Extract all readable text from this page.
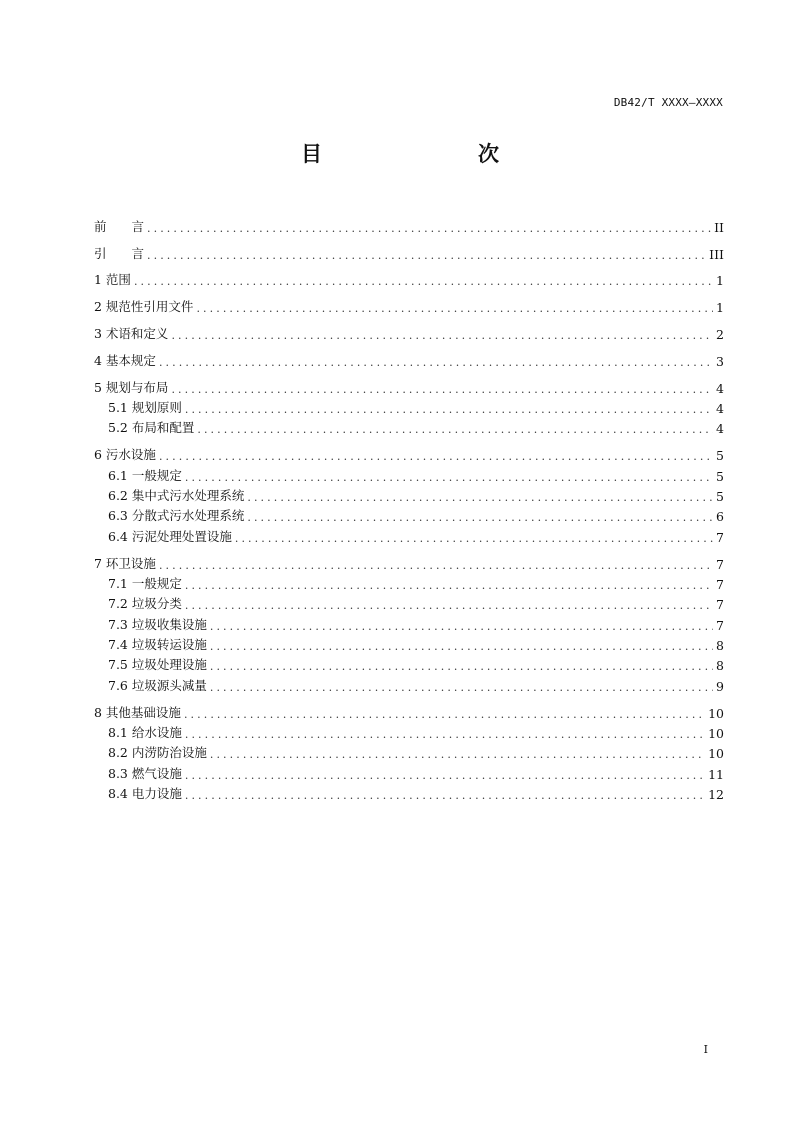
DB42/T XXXX—XXXX
目　　次
前　　言 .....	II
引　　言 .....	III
1 范围 .....	1
2 规范性引用文件 .....	1
3 术语和定义 .....	2
4 基本规定 .....	3
5 规划与布局 .....	4
5.1 规划原则 .....	4
5.2 布局和配置 .....	4
6 污水设施 .....	5
6.1 一般规定 .....	5
6.2 集中式污水处理系统 .....	5
6.3 分散式污水处理系统 .....	6
6.4 污泥处理处置设施 .....	7
7 环卫设施 .....	7
7.1 一般规定 .....	7
7.2 垃圾分类 .....	7
7.3 垃圾收集设施 .....	7
7.4 垃圾转运设施 .....	8
7.5 垃圾处理设施 .....	8
7.6 垃圾源头减量 .....	9
8 其他基础设施 .....	10
8.1 给水设施 .....	10
8.2 内涝防治设施 .....	10
8.3 燃气设施 .....	11
8.4 电力设施 .....	12
I
